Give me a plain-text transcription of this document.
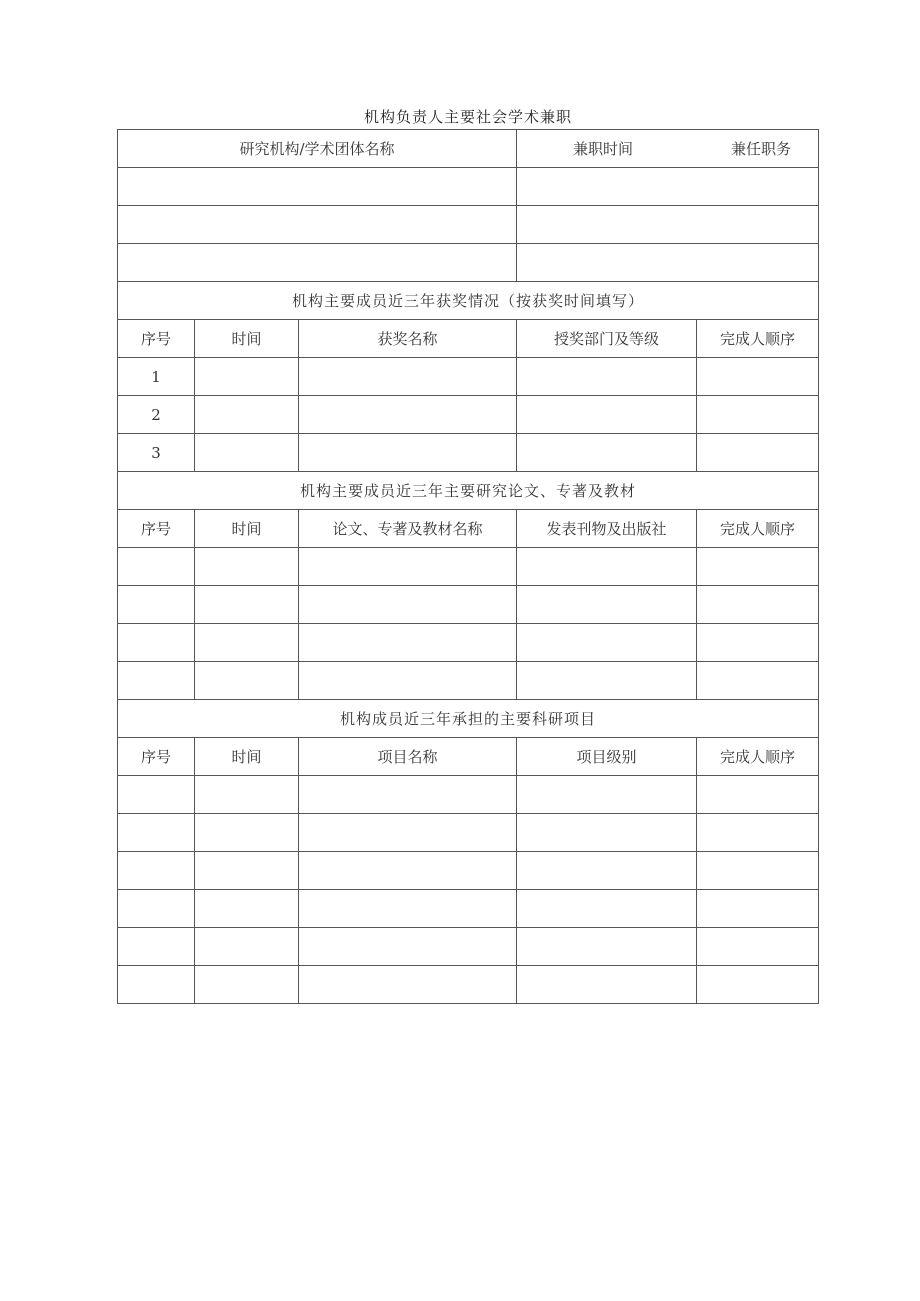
机构负责人主要社会学术兼职
研究机构/学术团体名称			兼职时间 兼任职务	

机构主要成员近三年获奖情况（按获奖时间填写）				
序号	时间	获奖名称	授奖部门及等级	完成人顺序
1				
2				
3				
机构主要成员近三年主要研究论文、专著及教材				
序号	时间	论文、专著及教材名称	发表刊物及出版社	完成人顺序

机构成员近三年承担的主要科研项目				
序号	时间	项目名称	项目级别	完成人顺序
